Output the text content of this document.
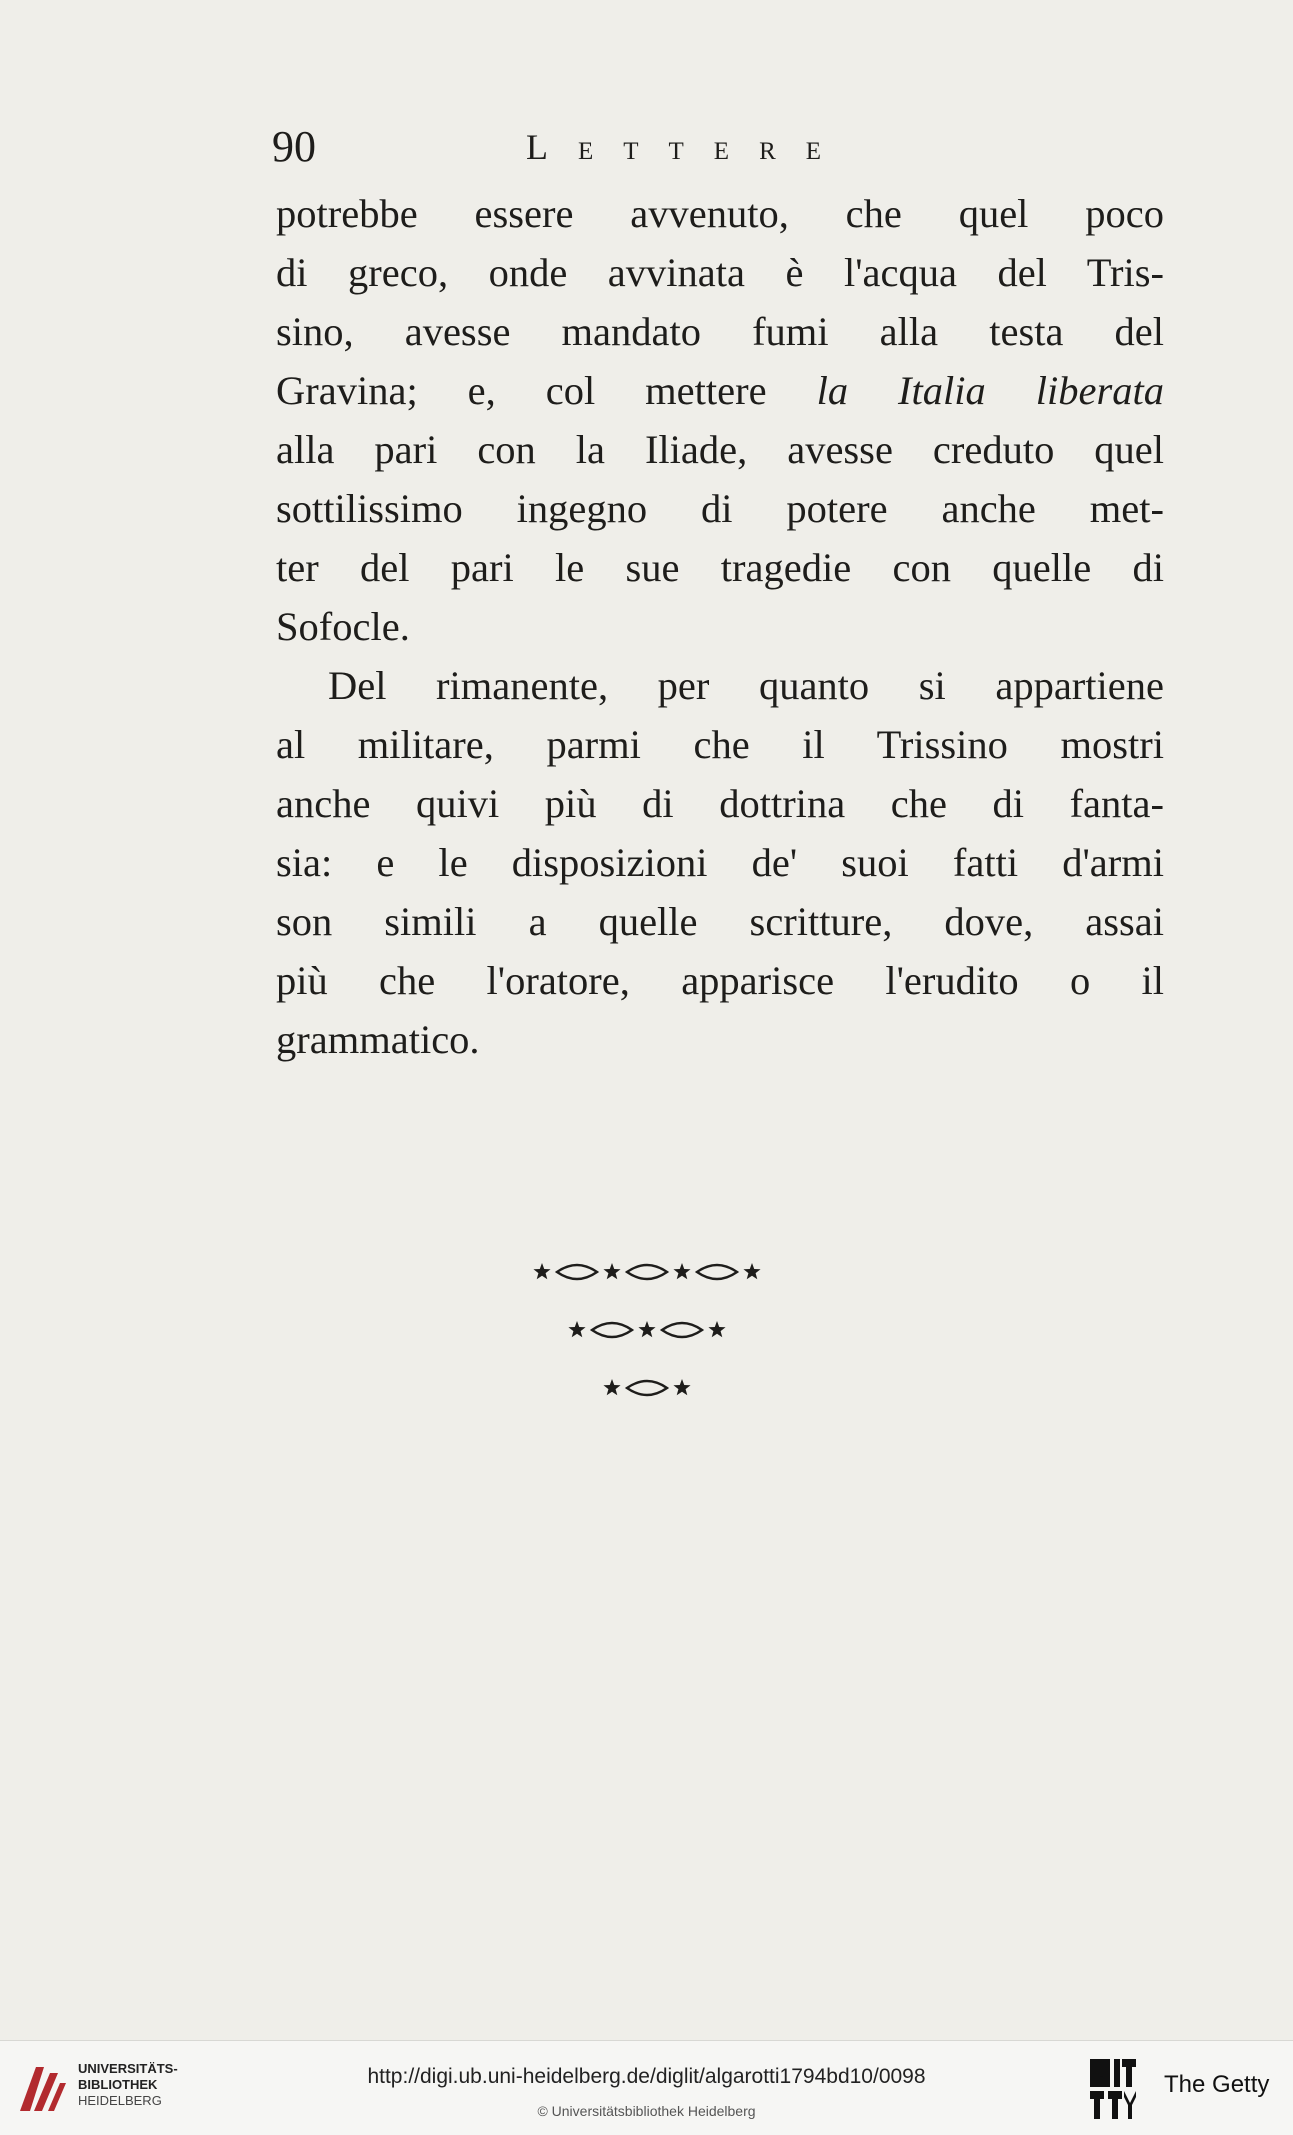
90	Lettere
potrebbe essere avvenuto, che quel poco
di greco, onde avvinata è l'acqua del Tris-
sino, avesse mandato fumi alla testa del
Gravina; e, col mettere la Italia liberata
alla pari con la Iliade, avesse creduto quel
sottilissimo ingegno di potere anche met-
ter del pari le sue tragedie con quelle di
Sofocle.
Del rimanente, per quanto si appartiene
al militare, parmi che il Trissino mostri
anche quivi più di dottrina che di fanta-
sia: e le disposizioni de' suoi fatti d'armi
son simili a quelle scritture, dove, assai
più che l'oratore, apparisce l'erudito o il
grammatico.
UNIVERSITÄTS-
BIBLIOTHEK
HEIDELBERG
http://digi.ub.uni-heidelberg.de/diglit/algarotti1794bd10/0098
© Universitätsbibliothek Heidelberg
GETTY	The Getty
